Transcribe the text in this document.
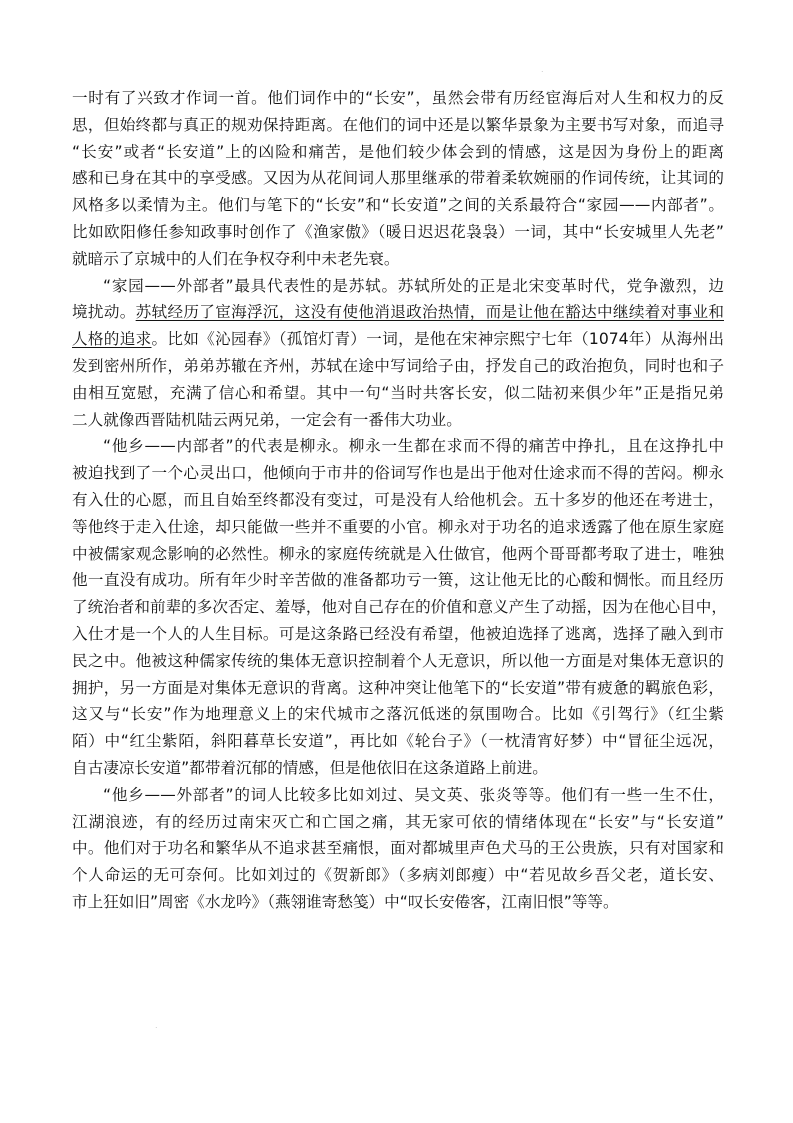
.
一时有了兴致才作词一首。他们词作中的“长安”，虽然会带有历经宦海后对人生和权力的反
思，但始终都与真正的规劝保持距离。在他们的词中还是以繁华景象为主要书写对象，而追寻
“长安”或者“长安道”上的凶险和痛苦，是他们较少体会到的情感，这是因为身份上的距离
感和已身在其中的享受感。又因为从花间词人那里继承的带着柔软婉丽的作词传统，让其词的
风格多以柔情为主。他们与笔下的“长安”和“长安道”之间的关系最符合“家园——内部者”。
比如欧阳修任参知政事时创作了《渔家傲》（暖日迟迟花袅袅）一词，其中“长安城里人先老”
就暗示了京城中的人们在争权夺利中未老先衰。
“家园——外部者”最具代表性的是苏轼。苏轼所处的正是北宋变革时代，党争激烈，边
境扰动。苏轼经历了宦海浮沉，这没有使他消退政治热情，而是让他在豁达中继续着对事业和
人格的追求。比如《沁园春》（孤馆灯青）一词，是他在宋神宗熙宁七年（1074年）从海州出
发到密州所作，弟弟苏辙在齐州，苏轼在途中写词给子由，抒发自己的政治抱负，同时也和子
由相互宽慰，充满了信心和希望。其中一句“当时共客长安，似二陆初来俱少年”正是指兄弟
二人就像西晋陆机陆云两兄弟，一定会有一番伟大功业。
“他乡——内部者”的代表是柳永。柳永一生都在求而不得的痛苦中挣扎，且在这挣扎中
被迫找到了一个心灵出口，他倾向于市井的俗词写作也是出于他对仕途求而不得的苦闷。柳永
有入仕的心愿，而且自始至终都没有变过，可是没有人给他机会。五十多岁的他还在考进士，
等他终于走入仕途，却只能做一些并不重要的小官。柳永对于功名的追求透露了他在原生家庭
中被儒家观念影响的必然性。柳永的家庭传统就是入仕做官，他两个哥哥都考取了进士，唯独
他一直没有成功。所有年少时辛苦做的准备都功亏一篑，这让他无比的心酸和惆怅。而且经历
了统治者和前辈的多次否定、羞辱，他对自己存在的价值和意义产生了动摇，因为在他心目中，
入仕才是一个人的人生目标。可是这条路已经没有希望，他被迫选择了逃离，选择了融入到市
民之中。他被这种儒家传统的集体无意识控制着个人无意识，所以他一方面是对集体无意识的
拥护，另一方面是对集体无意识的背离。这种冲突让他笔下的“长安道”带有疲惫的羁旅色彩，
这又与“长安”作为地理意义上的宋代城市之落沉低迷的氛围吻合。比如《引驾行》（红尘紫
陌）中“红尘紫陌，斜阳暮草长安道”，再比如《轮台子》（一枕清宵好梦）中“冒征尘远况，
自古凄凉长安道”都带着沉郁的情感，但是他依旧在这条道路上前进。
“他乡——外部者”的词人比较多比如刘过、吴文英、张炎等等。他们有一些一生不仕，
江湖浪迹，有的经历过南宋灭亡和亡国之痛，其无家可依的情绪体现在“长安”与“长安道”
中。他们对于功名和繁华从不追求甚至痛恨，面对都城里声色犬马的王公贵族，只有对国家和
个人命运的无可奈何。比如刘过的《贺新郎》（多病刘郎瘦）中“若见故乡吾父老，道长安、
市上狂如旧”周密《水龙吟》（燕翎谁寄愁笺）中“叹长安倦客，江南旧恨”等等。
.
